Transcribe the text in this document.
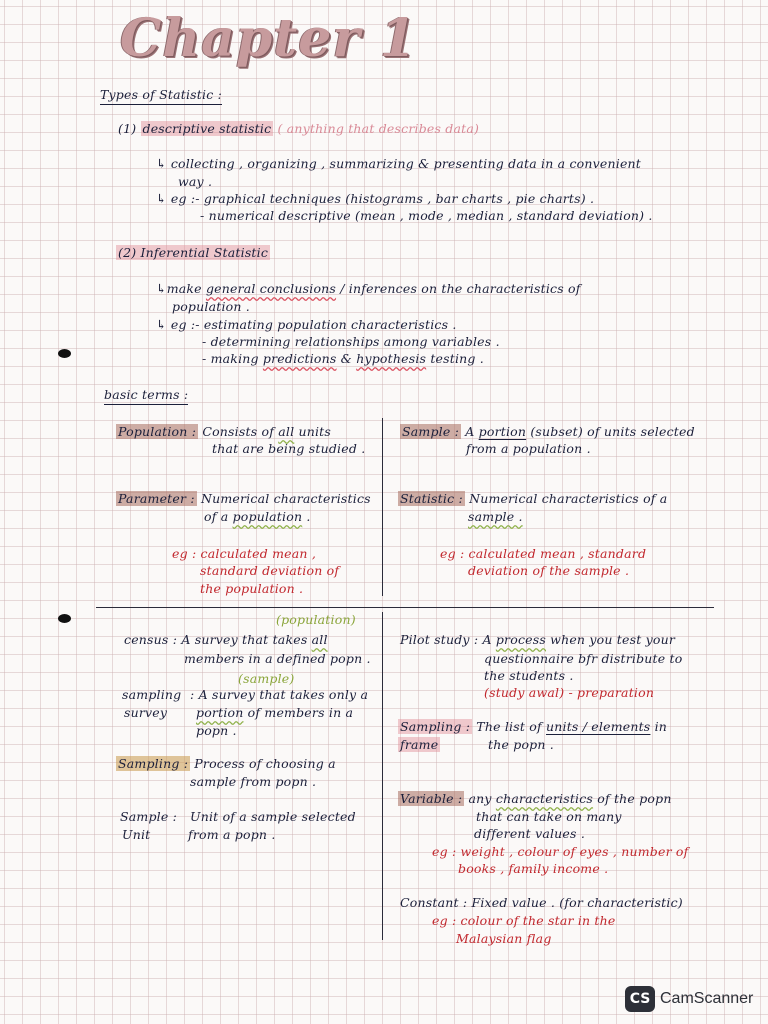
Chapter 1
Types of Statistic :
(1) descriptive statistic ( anything that describes data)
↳ collecting , organizing , summarizing & presenting data in a convenient
way .
↳ eg :- graphical techniques (histograms , bar charts , pie charts) .
- numerical descriptive (mean , mode , median , standard deviation) .
(2) Inferential Statistic
↳make general conclusions / inferences on the characteristics of
population .
↳ eg :- estimating population characteristics .
- determining relationships among variables .
- making predictions & hypothesis testing .
basic terms :
Population : Consists of all units
that are being studied .
Parameter : Numerical characteristics
of a population .
eg : calculated mean ,
standard deviation of
the population .
Sample : A portion (subset) of units selected
from a population .
Statistic : Numerical characteristics of a
sample .
eg : calculated mean , standard
deviation of the sample .
(population)
census : A survey that takes all
members in a defined popn .
(sample)
sampling : A survey that takes only a
survey portion of members in a
popn .
Sampling : Process of choosing a
sample from popn .
Sample : Unit of a sample selected
Unit	from a popn .
Pilot study : A process when you test your
questionnaire bfr distribute to
the students .
(study awal) - preparation
Sampling : The list of units / elements in
frame	the popn .
Variable : any characteristics of the popn
that can take on many
different values .
eg : weight , colour of eyes , number of
books , family income .
Constant : Fixed value . (for characteristic)
eg : colour of the star in the
Malaysian flag
CS CamScanner
